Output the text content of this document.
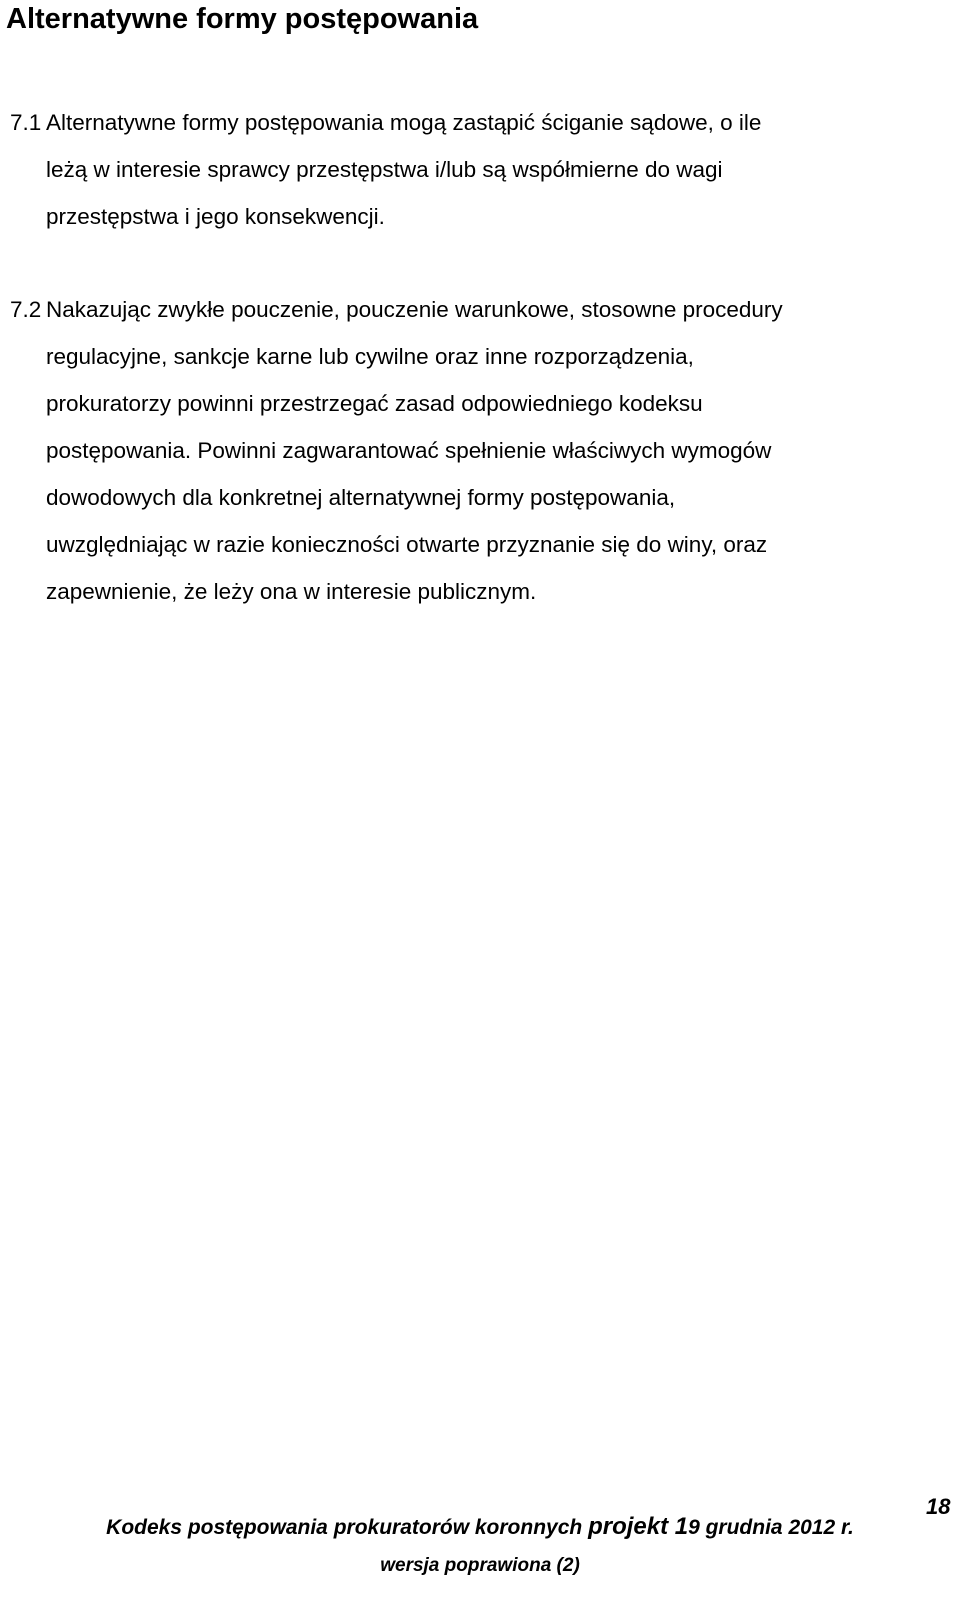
Alternatywne formy postępowania
7.1 Alternatywne formy postępowania mogą zastąpić ściganie sądowe, o ile
leżą w interesie sprawcy przestępstwa i/lub są współmierne do wagi
przestępstwa i jego konsekwencji.
7.2 Nakazując zwykłe pouczenie, pouczenie warunkowe, stosowne procedury
regulacyjne, sankcje karne lub cywilne oraz inne rozporządzenia,
prokuratorzy powinni przestrzegać zasad odpowiedniego kodeksu
postępowania. Powinni zagwarantować spełnienie właściwych wymogów
dowodowych dla konkretnej alternatywnej formy postępowania,
uwzględniając w razie konieczności otwarte przyznanie się do winy, oraz
zapewnienie, że leży ona w interesie publicznym.
18
Kodeks postępowania prokuratorów koronnych projekt 19 grudnia 2012 r.
wersja poprawiona (2)
